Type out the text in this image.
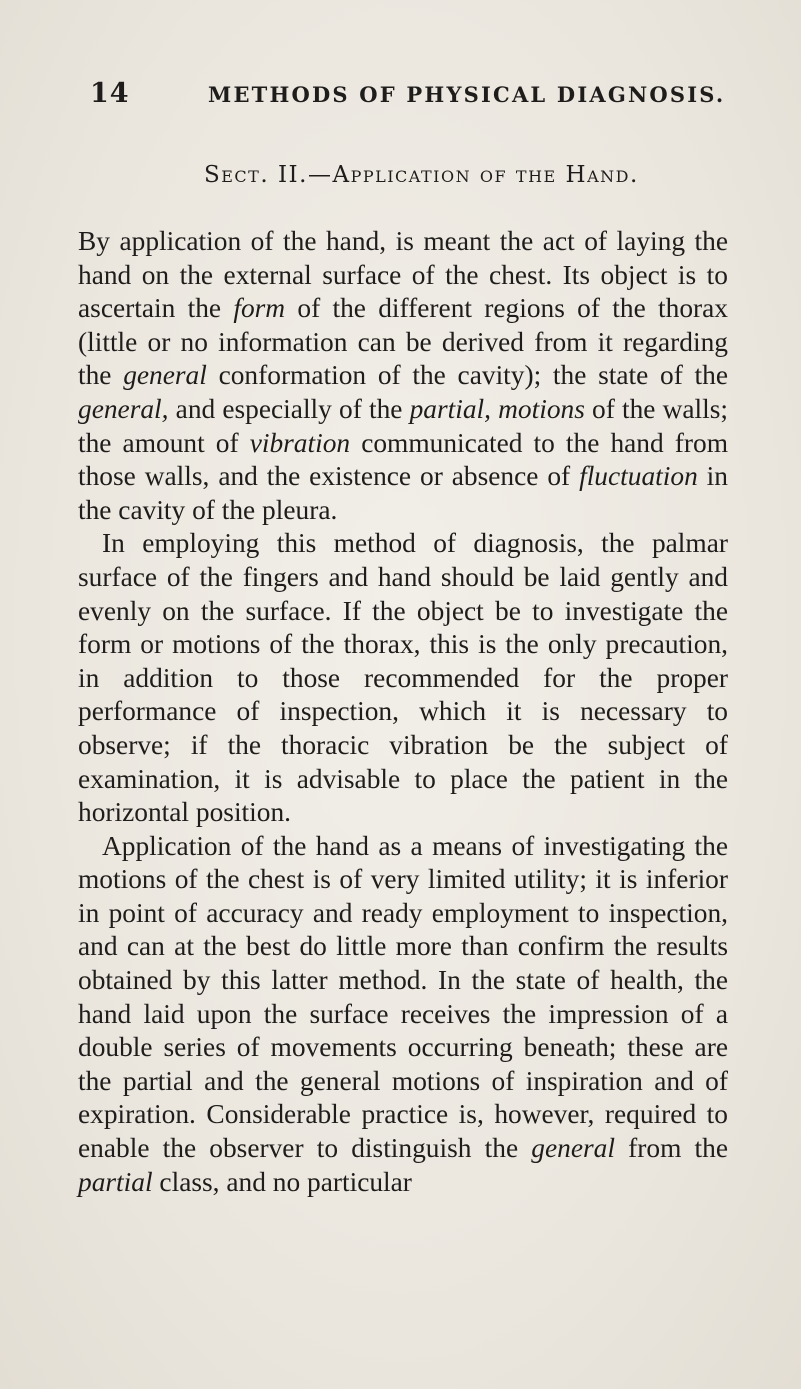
14	METHODS OF PHYSICAL DIAGNOSIS.
Sect. II.—Application of the Hand.

By application of the hand, is meant the act of laying the hand on the external surface of the chest. Its object is to ascertain the form of the different regions of the thorax (little or no information can be derived from it regarding the general conformation of the cavity); the state of the general, and especially of the partial, motions of the walls; the amount of vibration communicated to the hand from those walls, and the existence or absence of fluctuation in the cavity of the pleura.

In employing this method of diagnosis, the palmar surface of the fingers and hand should be laid gently and evenly on the surface. If the object be to investigate the form or motions of the thorax, this is the only precaution, in addition to those recommended for the proper performance of inspection, which it is necessary to observe; if the thoracic vibration be the subject of examination, it is advisable to place the patient in the horizontal position.

Application of the hand as a means of investigating the motions of the chest is of very limited utility; it is inferior in point of accuracy and ready employment to inspection, and can at the best do little more than confirm the results obtained by this latter method. In the state of health, the hand laid upon the surface receives the impression of a double series of movements occurring beneath; these are the partial and the general motions of inspiration and of expiration. Considerable practice is, however, required to enable the observer to distinguish the general from the partial class, and no particular
